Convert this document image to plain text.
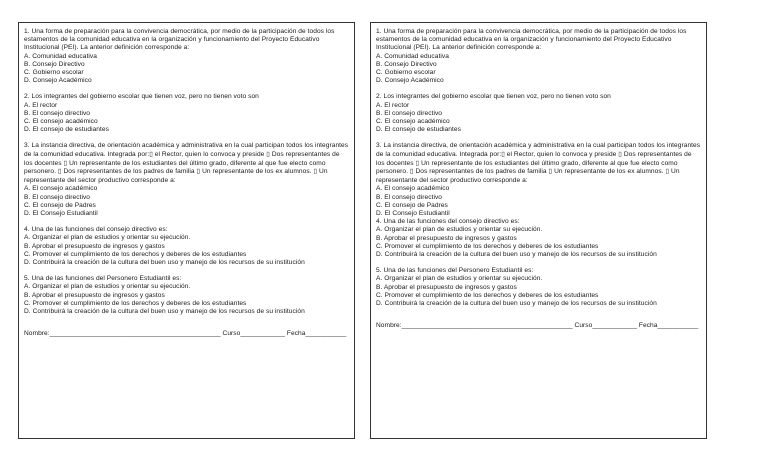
1. Una forma de preparación para la convivencia democrática, por medio de la participación de todos los estamentos de la comunidad educativa en la organización y funcionamiento del Proyecto Educativo Institucional (PEI). La anterior definición corresponde a:
A. Comunidad educativa
B. Consejo Directivo
C. Gobierno escolar
D. Consejo Académico
2. Los integrantes del gobierno escolar que tienen voz, pero no tienen voto son
A. El rector
B. El consejo directivo
C. El consejo académico
D. El consejo de estudiantes
3. La instancia directiva, de orientación académica y administrativa en la cual participan todos los integrantes de la comunidad educativa. Integrada por:▯ el Rector, quien lo convoca y preside ▯ Dos representantes de los docentes ▯ Un representante de los estudiantes del último grado, diferente al que fue electo como personero. ▯ Dos representantes de los padres de familia ▯ Un representante de los ex alumnos. ▯ Un representante del sector productivo corresponde a:
A. El consejo académico
B. El consejo directivo
C. El consejo de Padres
D. El Consejo Estudiantil
4. Una de las funciones del consejo directivo es:
A. Organizar el plan de estudios y orientar su ejecución.
B. Aprobar el presupuesto de ingresos y gastos
C. Promover el cumplimiento de los derechos y deberes de los estudiantes
D. Contribuirá la creación de la cultura del buen uso y manejo de los recursos de su institución
5. Una de las funciones del Personero Estudiantil es:
A. Organizar el plan de estudios y orientar su ejecución.
B. Aprobar el presupuesto de ingresos y gastos
C. Promover el cumplimiento de los derechos y deberes de los estudiantes
D. Contribuirá la creación de la cultura del buen uso y manejo de los recursos de su institución
Nombre:______________________________________________ Curso____________ Fecha___________
1. Una forma de preparación para la convivencia democrática, por medio de la participación de todos los estamentos de la comunidad educativa en la organización y funcionamiento del Proyecto Educativo Institucional (PEI). La anterior definición corresponde a:
A. Comunidad educativa
B. Consejo Directivo
C. Gobierno escolar
D. Consejo Académico
2. Los integrantes del gobierno escolar que tienen voz, pero no tienen voto son
A. El rector
B. El consejo directivo
C. El consejo académico
D. El consejo de estudiantes
3. La instancia directiva, de orientación académica y administrativa en la cual participan todos los integrantes de la comunidad educativa. Integrada por:▯ el Rector, quien lo convoca y preside ▯ Dos representantes de los docentes ▯ Un representante de los estudiantes del último grado, diferente al que fue electo como personero. ▯ Dos representantes de los padres de familia ▯ Un representante de los ex alumnos. ▯ Un representante del sector productivo corresponde a:
A. El consejo académico
B. El consejo directivo
C. El consejo de Padres
D. El Consejo Estudiantil
4. Una de las funciones del consejo directivo es:
A. Organizar el plan de estudios y orientar su ejecución.
B. Aprobar el presupuesto de ingresos y gastos
C. Promover el cumplimiento de los derechos y deberes de los estudiantes
D. Contribuirá la creación de la cultura del buen uso y manejo de los recursos de su institución
5. Una de las funciones del Personero Estudiantil es:
A. Organizar el plan de estudios y orientar su ejecución.
B. Aprobar el presupuesto de ingresos y gastos
C. Promover el cumplimiento de los derechos y deberes de los estudiantes
D. Contribuirá la creación de la cultura del buen uso y manejo de los recursos de su institución
Nombre:______________________________________________ Curso____________ Fecha___________
